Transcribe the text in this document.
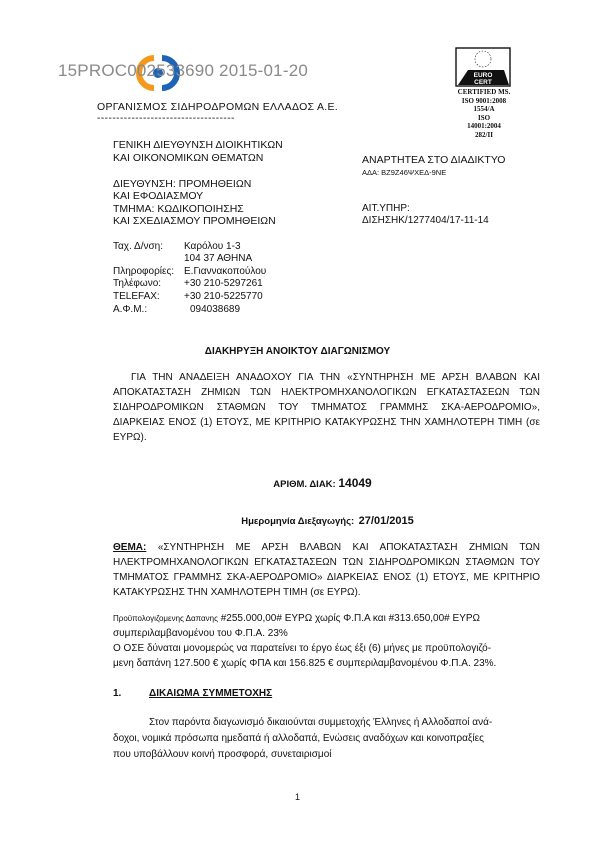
15PROC002533690 2015-01-20
ΟΡΓΑΝΙΣΜΟΣ ΣΙΔΗΡΟΔΡΟΜΩΝ ΕΛΛΑΔΟΣ Α.Ε.
------------------------------------
EURO
CERT
CERTIFIED MS.
ISO 9001:2008
1554/A
ISO
14001:2004
282/II
ΓΕΝΙΚΗ ΔΙΕΥΘΥΝΣΗ ΔΙΟΙΚΗΤΙΚΩΝ
ΚΑΙ ΟΙΚΟΝΟΜΙΚΩΝ ΘΕΜΑΤΩΝ
ΔΙΕΥΘΥΝΣΗ: ΠΡΟΜΗΘΕΙΩΝ
ΚΑΙ ΕΦΟΔΙΑΣΜΟΥ
ΤΜΗΜΑ: ΚΩΔΙΚΟΠΟΙΗΣΗΣ
ΚΑΙ ΣΧΕΔΙΑΣΜΟΥ ΠΡΟΜΗΘΕΙΩΝ
ΑΝΑΡΤΗΤΕΑ ΣΤΟ ΔΙΑΔΙΚΤΥΟ
ΑΔΑ: ΒΖ9Ζ46ΨΧΕΔ-9ΝΕ
ΑΙΤ.ΥΠΗΡ:
ΔΙΣΗΣΗΚ/1277404/17-11-14
Ταχ. Δ/νση: Καρόλου 1-3
104 37 ΑΘΗΝΑ
Πληροφορίες: Ε.Γιαννακοπούλου
Τηλέφωνο: +30 210-5297261
TELEFAX: +30 210-5225770
Α.Φ.Μ.:	094038689
ΔΙΑΚΗΡΥΞΗ ΑΝΟΙΚΤΟΥ ΔΙΑΓΩΝΙΣΜΟΥ
ΓΙΑ ΤΗΝ ΑΝΑΔΕΙΞΗ ΑΝΑΔΟΧΟΥ ΓΙΑ ΤΗΝ «ΣΥΝΤΗΡΗΣΗ ΜΕ ΑΡΣΗ ΒΛΑΒΩΝ ΚΑΙ ΑΠΟΚΑΤΑΣΤΑΣΗ ΖΗΜΙΩΝ ΤΩΝ ΗΛΕΚΤΡΟΜΗΧΑΝΟΛΟΓΙΚΩΝ ΕΓΚΑΤΑΣΤΑΣΕΩΝ ΤΩΝ ΣΙΔΗΡΟΔΡΟΜΙΚΩΝ ΣΤΑΘΜΩΝ ΤΟΥ ΤΜΗΜΑΤΟΣ ΓΡΑΜΜΗΣ ΣΚΑ-ΑΕΡΟΔΡΟΜΙΟ», ΔΙΑΡΚΕΙΑΣ ΕΝΟΣ (1) ΕΤΟΥΣ, ΜΕ ΚΡΙΤΗΡΙΟ ΚΑΤΑΚΥΡΩΣΗΣ ΤΗΝ ΧΑΜΗΛΟΤΕΡΗ ΤΙΜΗ (σε ΕΥΡΩ).
ΑΡΙΘΜ. ΔΙΑΚ: 14049
Ημερομηνία Διεξαγωγής: 27/01/2015
ΘΕΜΑ: «ΣΥΝΤΗΡΗΣΗ ΜΕ ΑΡΣΗ ΒΛΑΒΩΝ ΚΑΙ ΑΠΟΚΑΤΑΣΤΑΣΗ ΖΗΜΙΩΝ ΤΩΝ ΗΛΕΚΤΡΟΜΗΧΑΝΟΛΟΓΙΚΩΝ ΕΓΚΑΤΑΣΤΑΣΕΩΝ ΤΩΝ ΣΙΔΗΡΟΔΡΟΜΙΚΩΝ ΣΤΑΘΜΩΝ ΤΟΥ ΤΜΗΜΑΤΟΣ ΓΡΑΜΜΗΣ ΣΚΑ-ΑΕΡΟΔΡΟΜΙΟ» ΔΙΑΡΚΕΙΑΣ ΕΝΟΣ (1) ΕΤΟΥΣ, ΜΕ ΚΡΙΤΗΡΙΟ ΚΑΤΑΚΥΡΩΣΗΣ ΤΗΝ ΧΑΜΗΛΟΤΕΡΗ ΤΙΜΗ (σε ΕΥΡΩ).
Προϋπολογιζομενης Δαπανης #255.000,00# ΕΥΡΩ χωρίς Φ.Π.Α και #313.650,00# ΕΥΡΩ
συμπεριλαμβανομένου του Φ.Π.Α. 23%
Ο ΟΣΕ δύναται μονομερώς να παρατείνει το έργο έως έξι (6) μήνες με προϋπολογιζό-
μενη δαπάνη 127.500 € χωρίς ΦΠΑ και 156.825 € συμπεριλαμβανομένου Φ.Π.Α. 23%.
1.	ΔΙΚΑΙΩΜΑ ΣΥΜΜΕΤΟΧΗΣ
Στον παρόντα διαγωνισμό δικαιούνται συμμετοχής Έλληνες ή Αλλοδαποί ανά-
δοχοι, νομικά πρόσωπα ημεδαπά ή αλλοδαπά, Ενώσεις αναδόχων και κοινοπραξίες
που υποβάλλουν κοινή προσφορά, συνεταιρισμοί
1
